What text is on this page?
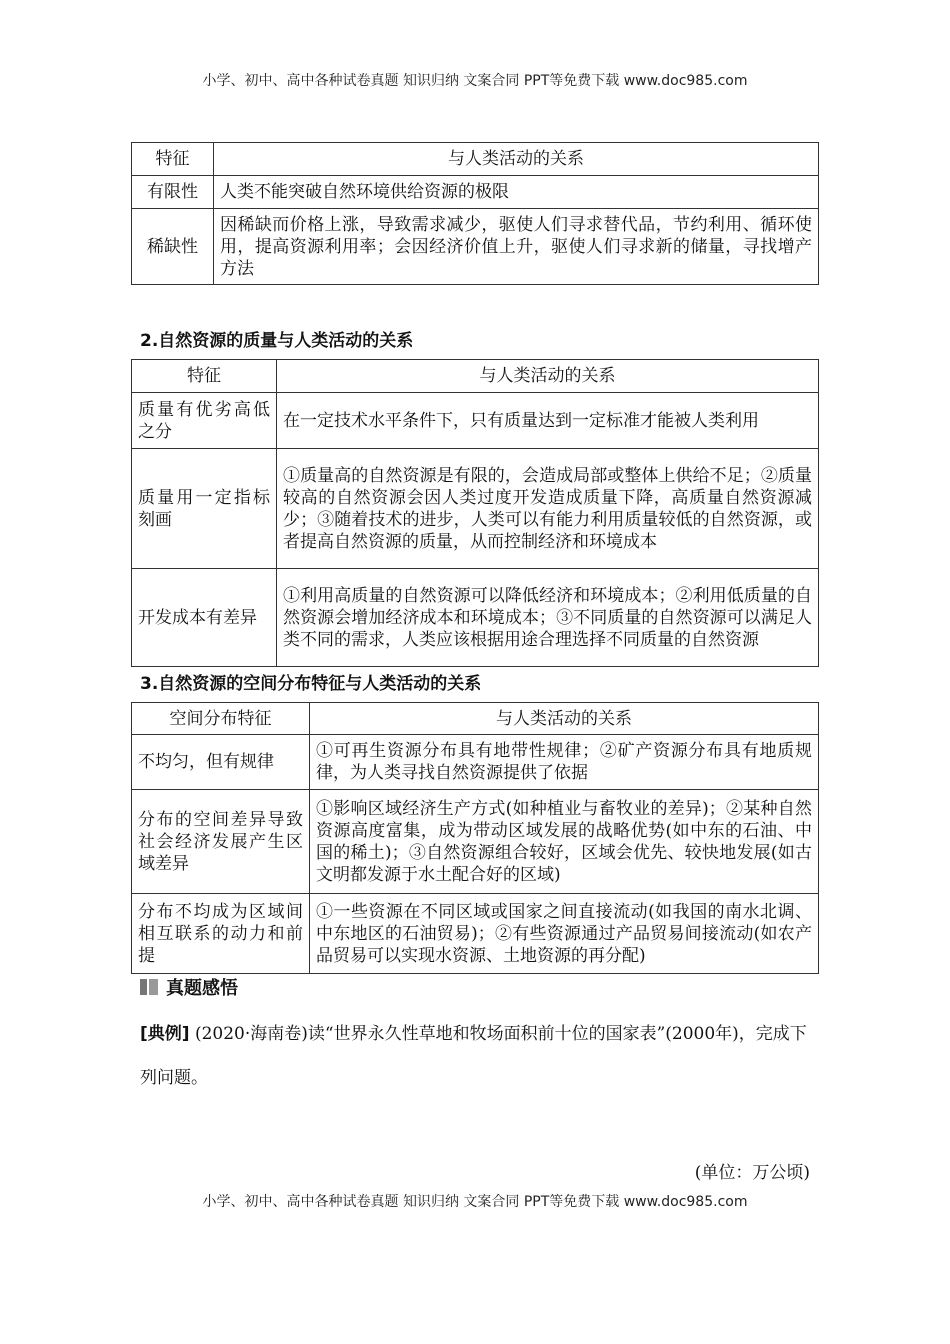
小学、初中、高中各种试卷真题 知识归纳 文案合同 PPT等免费下载 www.doc985.com
特征	与人类活动的关系
有限性	人类不能突破自然环境供给资源的极限
稀缺性	因稀缺而价格上涨，导致需求减少，驱使人们寻求替代品，节约利用、循环使用，提高资源利用率；会因经济价值上升，驱使人们寻求新的储量，寻找增产方法
2.自然资源的质量与人类活动的关系
特征	与人类活动的关系
质量有优劣高低之分	在一定技术水平条件下，只有质量达到一定标准才能被人类利用
质量用一定指标刻画	①质量高的自然资源是有限的，会造成局部或整体上供给不足；②质量较高的自然资源会因人类过度开发造成质量下降，高质量自然资源减少；③随着技术的进步，人类可以有能力利用质量较低的自然资源，或者提高自然资源的质量，从而控制经济和环境成本
开发成本有差异	①利用高质量的自然资源可以降低经济和环境成本；②利用低质量的自然资源会增加经济成本和环境成本；③不同质量的自然资源可以满足人类不同的需求，人类应该根据用途合理选择不同质量的自然资源
3.自然资源的空间分布特征与人类活动的关系
空间分布特征	与人类活动的关系
不均匀，但有规律	①可再生资源分布具有地带性规律；②矿产资源分布具有地质规律，为人类寻找自然资源提供了依据
分布的空间差异导致社会经济发展产生区域差异	①影响区域经济生产方式(如种植业与畜牧业的差异)；②某种自然资源高度富集，成为带动区域发展的战略优势(如中东的石油、中国的稀土)；③自然资源组合较好，区域会优先、较快地发展(如古文明都发源于水土配合好的区域)
分布不均成为区域间相互联系的动力和前提	①一些资源在不同区域或国家之间直接流动(如我国的南水北调、中东地区的石油贸易)；②有些资源通过产品贸易间接流动(如农产品贸易可以实现水资源、土地资源的再分配)
真题感悟
[典例] (2020·海南卷)读“世界永久性草地和牧场面积前十位的国家表”(2000年)，完成下列问题。
(单位：万公顷)
小学、初中、高中各种试卷真题 知识归纳 文案合同 PPT等免费下载 www.doc985.com
